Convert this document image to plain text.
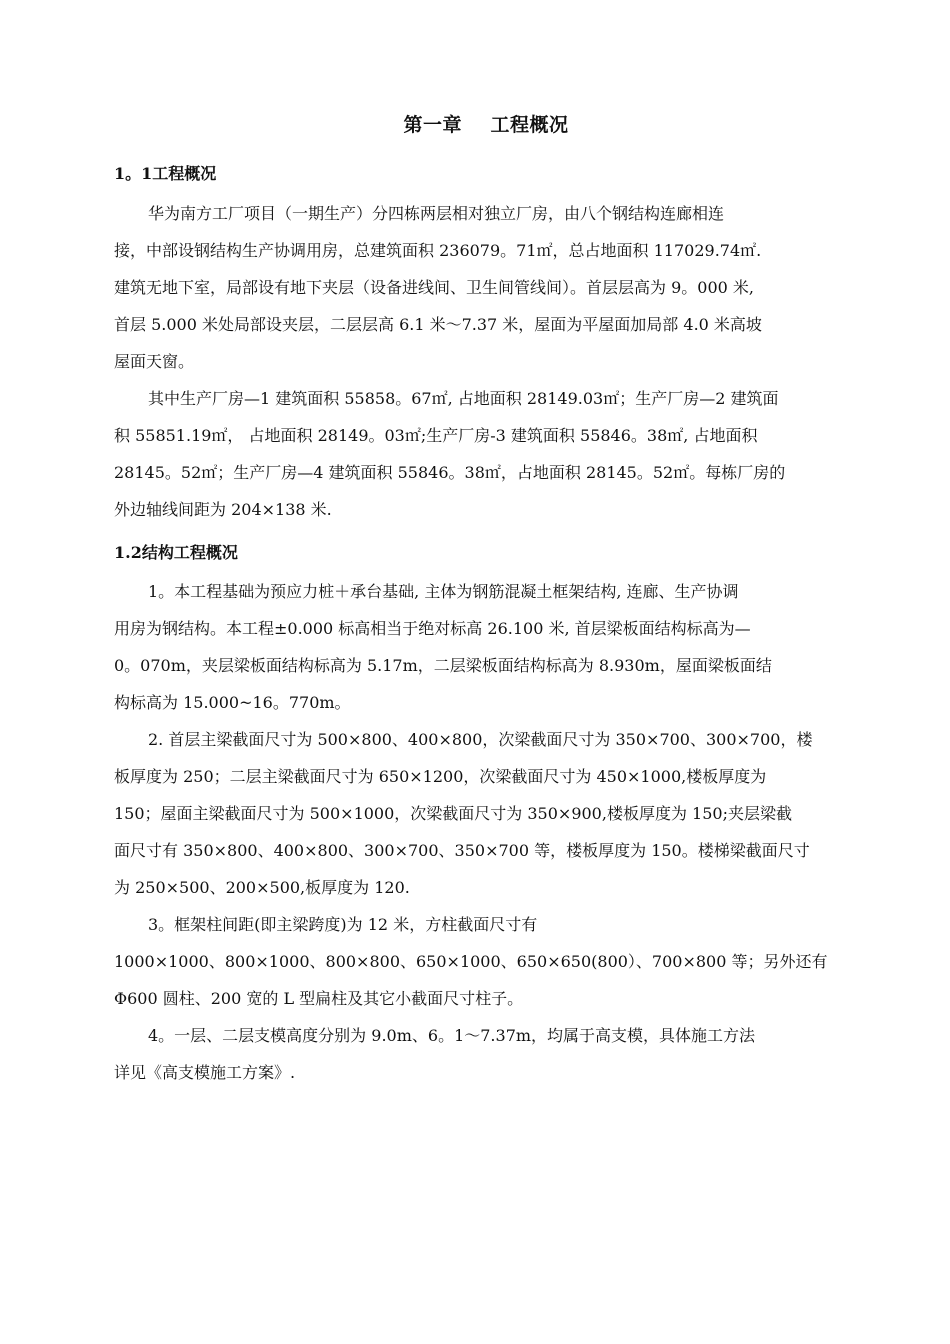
第一章    工程概况
1。1工程概况
华为南方工厂项目（一期生产）分四栋两层相对独立厂房，由八个钢结构连廊相连
接，中部设钢结构生产协调用房，总建筑面积 236079。71㎡，总占地面积 117029.74㎡.
建筑无地下室，局部设有地下夹层（设备进线间、卫生间管线间）。首层层高为 9。000 米,
首层 5.000 米处局部设夹层，二层层高 6.1 米～7.37 米，屋面为平屋面加局部 4.0 米高坡
屋面天窗。
其中生产厂房—1 建筑面积 55858。67㎡, 占地面积 28149.03㎡；生产厂房—2 建筑面
积 55851.19㎡， 占地面积 28149。03㎡;生产厂房-3 建筑面积 55846。38㎡, 占地面积
28145。52㎡；生产厂房—4 建筑面积 55846。38㎡，占地面积 28145。52㎡。每栋厂房的
外边轴线间距为 204×138 米.
1.2结构工程概况
1。本工程基础为预应力桩＋承台基础, 主体为钢筋混凝土框架结构, 连廊、生产协调
用房为钢结构。本工程±0.000 标高相当于绝对标高 26.100 米, 首层梁板面结构标高为—
0。070m，夹层梁板面结构标高为 5.17m，二层梁板面结构标高为 8.930m，屋面梁板面结
构标高为 15.000~16。770m。
2. 首层主梁截面尺寸为 500×800、400×800，次梁截面尺寸为 350×700、300×700，楼
板厚度为 250；二层主梁截面尺寸为 650×1200，次梁截面尺寸为 450×1000,楼板厚度为
150；屋面主梁截面尺寸为 500×1000，次梁截面尺寸为 350×900,楼板厚度为 150;夹层梁截
面尺寸有 350×800、400×800、300×700、350×700 等，楼板厚度为 150。楼梯梁截面尺寸
为 250×500、200×500,板厚度为 120.
3。框架柱间距(即主梁跨度)为 12 米，方柱截面尺寸有
1000×1000、800×1000、800×800、650×1000、650×650(800）、700×800 等；另外还有
Φ600 圆柱、200 宽的 L 型扁柱及其它小截面尺寸柱子。
4。一层、二层支模高度分别为 9.0m、6。1～7.37m，均属于高支模，具体施工方法
详见《高支模施工方案》.
